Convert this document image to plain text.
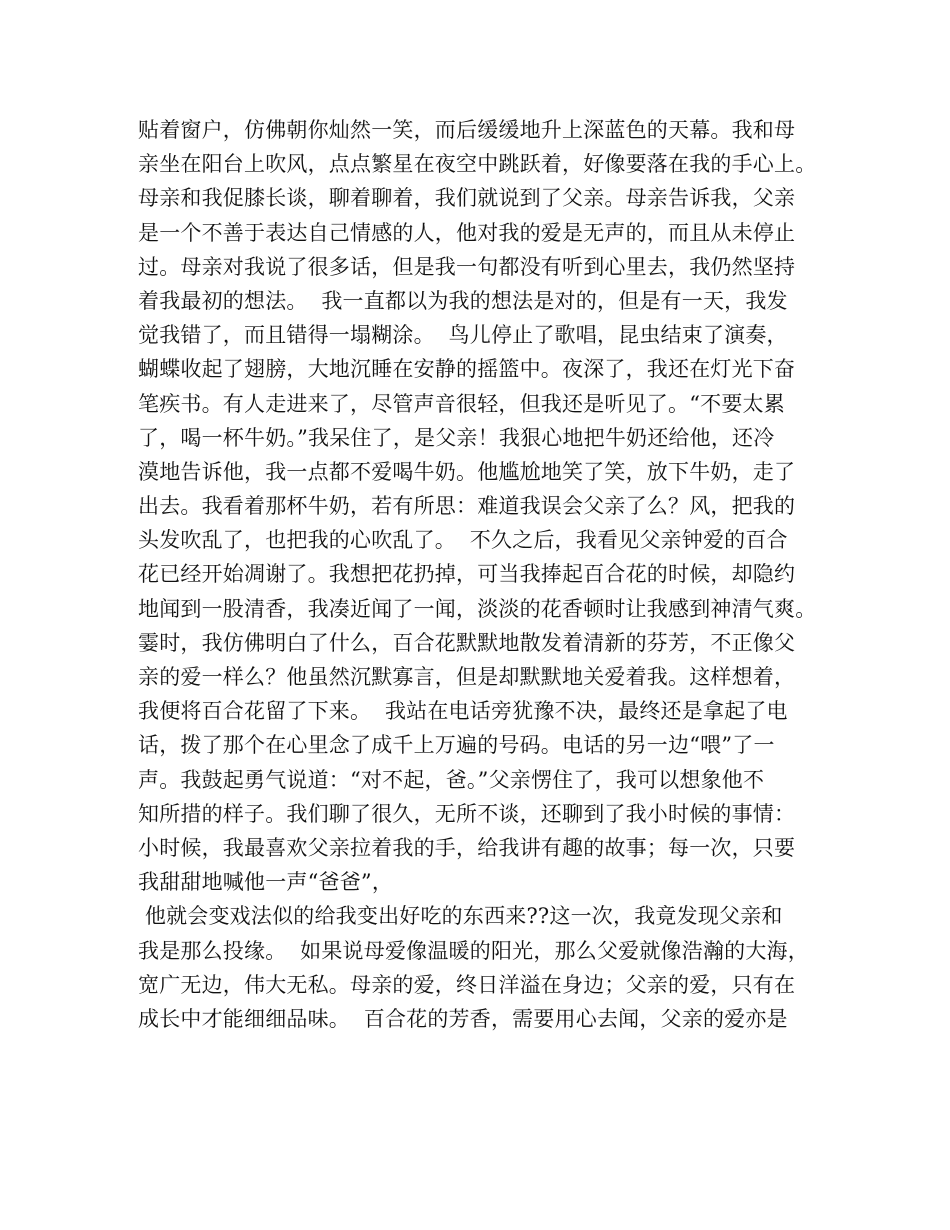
贴着窗户，仿佛朝你灿然一笑，而后缓缓地升上深蓝色的天幕。我和母
亲坐在阳台上吹风，点点繁星在夜空中跳跃着，好像要落在我的手心上。
母亲和我促膝长谈，聊着聊着，我们就说到了父亲。母亲告诉我，父亲
是一个不善于表达自己情感的人，他对我的爱是无声的，而且从未停止
过。母亲对我说了很多话，但是我一句都没有听到心里去，我仍然坚持
着我最初的想法。  我一直都以为我的想法是对的，但是有一天，我发
觉我错了，而且错得一塌糊涂。  鸟儿停止了歌唱，昆虫结束了演奏，
蝴蝶收起了翅膀，大地沉睡在安静的摇篮中。夜深了，我还在灯光下奋
笔疾书。有人走进来了，尽管声音很轻，但我还是听见了。“不要太累
了，喝一杯牛奶。”我呆住了，是父亲！我狠心地把牛奶还给他，还冷
漠地告诉他，我一点都不爱喝牛奶。他尴尬地笑了笑，放下牛奶，走了
出去。我看着那杯牛奶，若有所思：难道我误会父亲了么？风，把我的
头发吹乱了，也把我的心吹乱了。  不久之后，我看见父亲钟爱的百合
花已经开始凋谢了。我想把花扔掉，可当我捧起百合花的时候，却隐约
地闻到一股清香，我凑近闻了一闻，淡淡的花香顿时让我感到神清气爽。
霎时，我仿佛明白了什么，百合花默默地散发着清新的芬芳，不正像父
亲的爱一样么？他虽然沉默寡言，但是却默默地关爱着我。这样想着，
我便将百合花留了下来。  我站在电话旁犹豫不决，最终还是拿起了电
话，拨了那个在心里念了成千上万遍的号码。电话的另一边“喂”了一
声。我鼓起勇气说道：“对不起，爸。”父亲愣住了，我可以想象他不
知所措的样子。我们聊了很久，无所不谈，还聊到了我小时候的事情：
小时候，我最喜欢父亲拉着我的手，给我讲有趣的故事；每一次，只要
我甜甜地喊他一声“爸爸”，
他就会变戏法似的给我变出好吃的东西来??这一次，我竟发现父亲和
我是那么投缘。  如果说母爱像温暖的阳光，那么父爱就像浩瀚的大海，
宽广无边，伟大无私。母亲的爱，终日洋溢在身边；父亲的爱，只有在
成长中才能细细品味。  百合花的芳香，需要用心去闻，父亲的爱亦是
